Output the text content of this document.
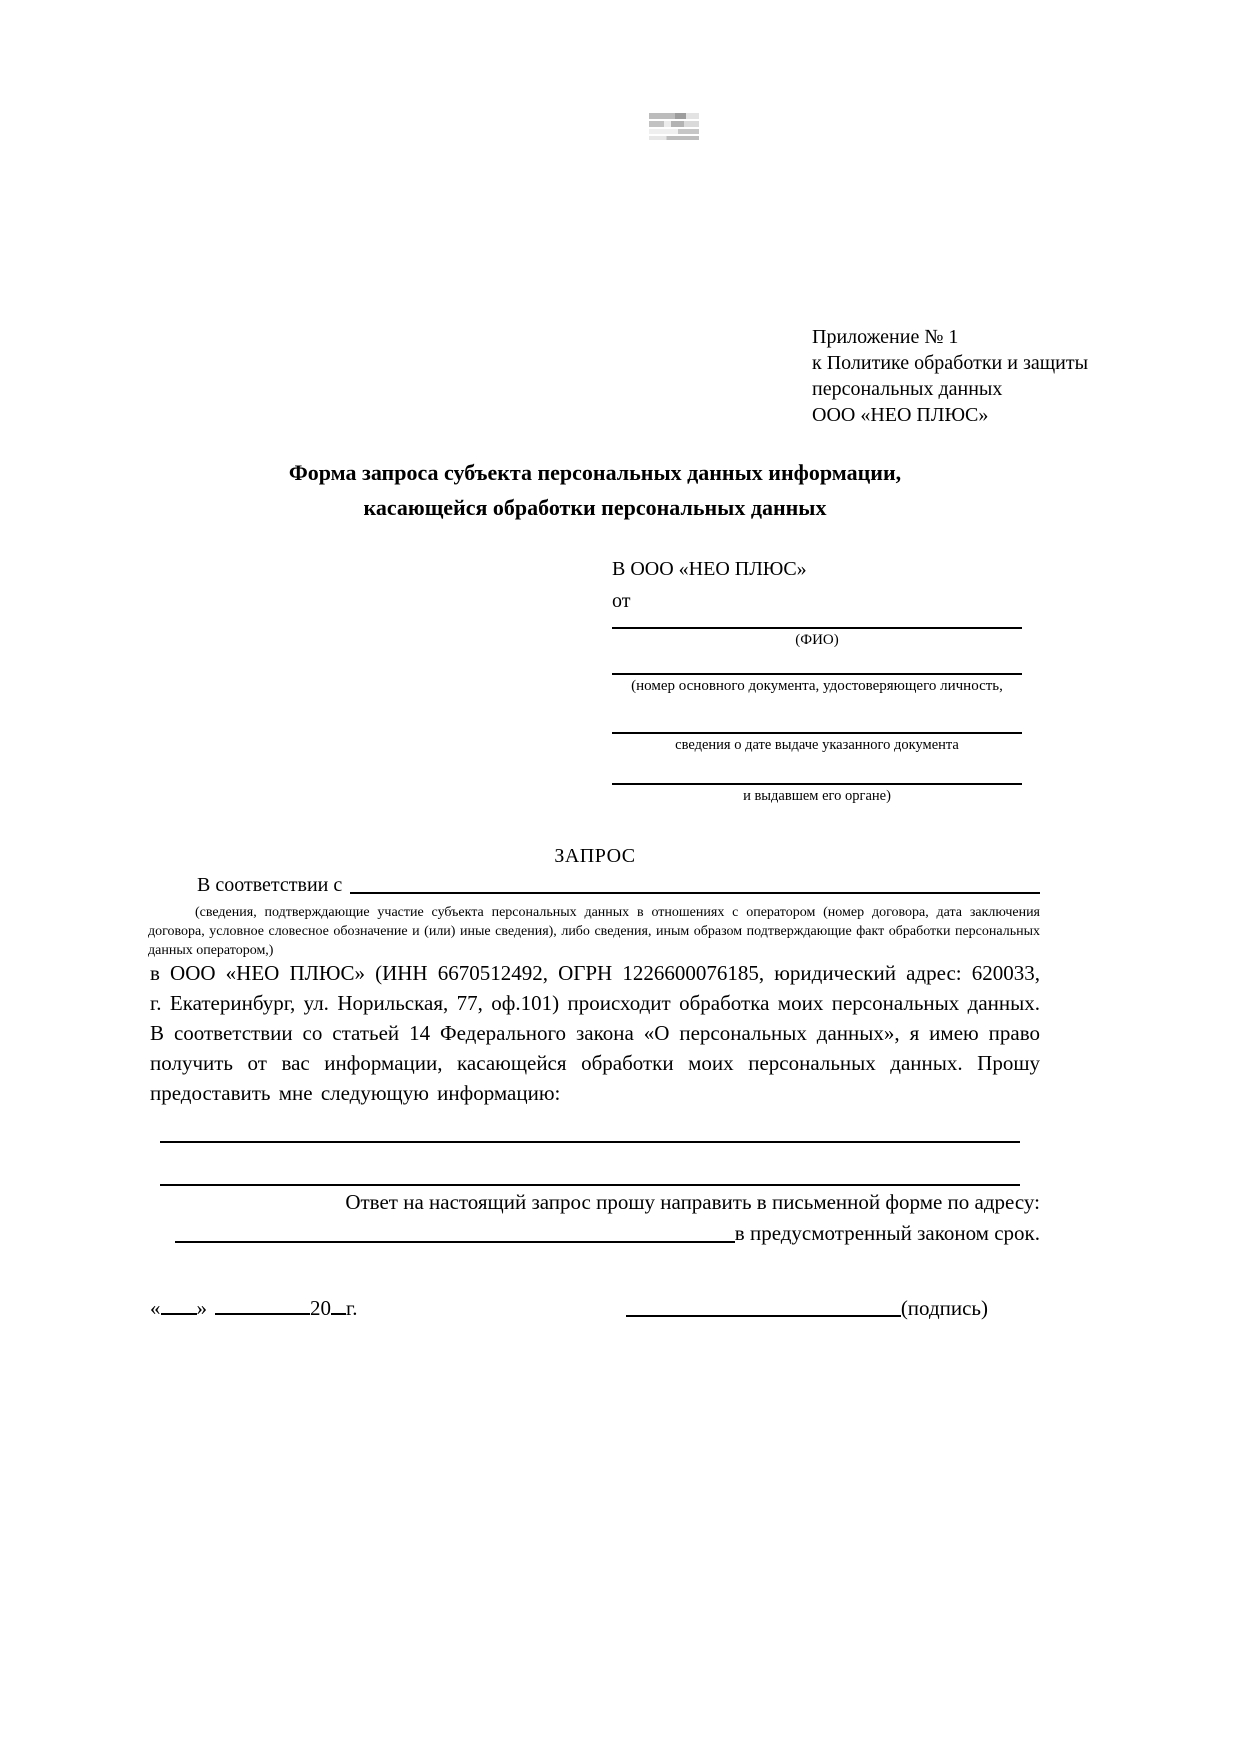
Приложение № 1
к Политике обработки и защиты
персональных данных
ООО «НЕО ПЛЮС»
Форма запроса субъекта персональных данных информации,
касающейся обработки персональных данных
В ООО «НЕО ПЛЮС»
от
(ФИО)
(номер основного документа, удостоверяющего личность,
сведения о дате выдаче указанного документа
и выдавшем его органе)
ЗАПРОС
В соответствии с
(сведения, подтверждающие участие субъекта персональных данных в отношениях с оператором (номер договора, дата заключения договора, условное словесное обозначение и (или) иные сведения), либо сведения, иным образом подтверждающие факт обработки персональных данных оператором,)
в ООО «НЕО ПЛЮС» (ИНН 6670512492, ОГРН 1226600076185, юридический адрес: 620033, г. Екатеринбург, ул. Норильская, 77, оф.101) происходит обработка моих персональных данных. В соответствии со статьей 14 Федерального закона «О персональных данных», я имею право получить от вас информации, касающейся обработки моих персональных данных. Прошу предоставить мне следующую информацию:
Ответ на настоящий запрос прошу направить в письменной форме по адресу:
в предусмотренный законом срок.
« »	20 г.	(подпись)
